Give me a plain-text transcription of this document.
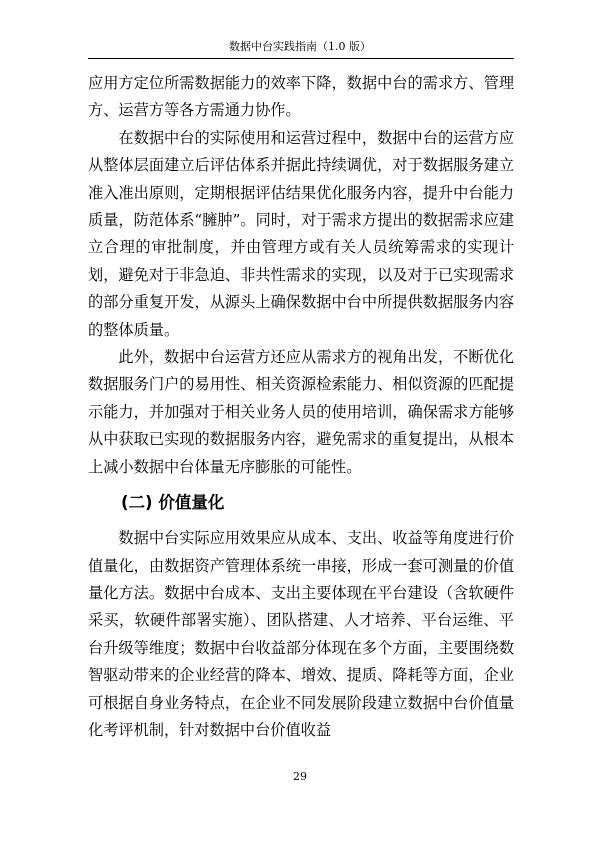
数据中台实践指南（1.0 版）

应用方定位所需数据能力的效率下降，数据中台的需求方、管理方、运营方等各方需通力协作。

在数据中台的实际使用和运营过程中，数据中台的运营方应从整体层面建立后评估体系并据此持续调优，对于数据服务建立准入准出原则，定期根据评估结果优化服务内容，提升中台能力质量，防范体系“臃肿”。同时，对于需求方提出的数据需求应建立合理的审批制度，并由管理方或有关人员统筹需求的实现计划，避免对于非急迫、非共性需求的实现，以及对于已实现需求的部分重复开发，从源头上确保数据中台中所提供数据服务内容的整体质量。

此外，数据中台运营方还应从需求方的视角出发，不断优化数据服务门户的易用性、相关资源检索能力、相似资源的匹配提示能力，并加强对于相关业务人员的使用培训，确保需求方能够从中获取已实现的数据服务内容，避免需求的重复提出，从根本上减小数据中台体量无序膨胀的可能性。

(二) 价值量化

数据中台实际应用效果应从成本、支出、收益等角度进行价值量化，由数据资产管理体系统一串接，形成一套可测量的价值量化方法。数据中台成本、支出主要体现在平台建设（含软硬件采买，软硬件部署实施）、团队搭建、人才培养、平台运维、平台升级等维度；数据中台收益部分体现在多个方面，主要围绕数智驱动带来的企业经营的降本、增效、提质、降耗等方面，企业可根据自身业务特点，在企业不同发展阶段建立数据中台价值量化考评机制，针对数据中台价值收益

29
